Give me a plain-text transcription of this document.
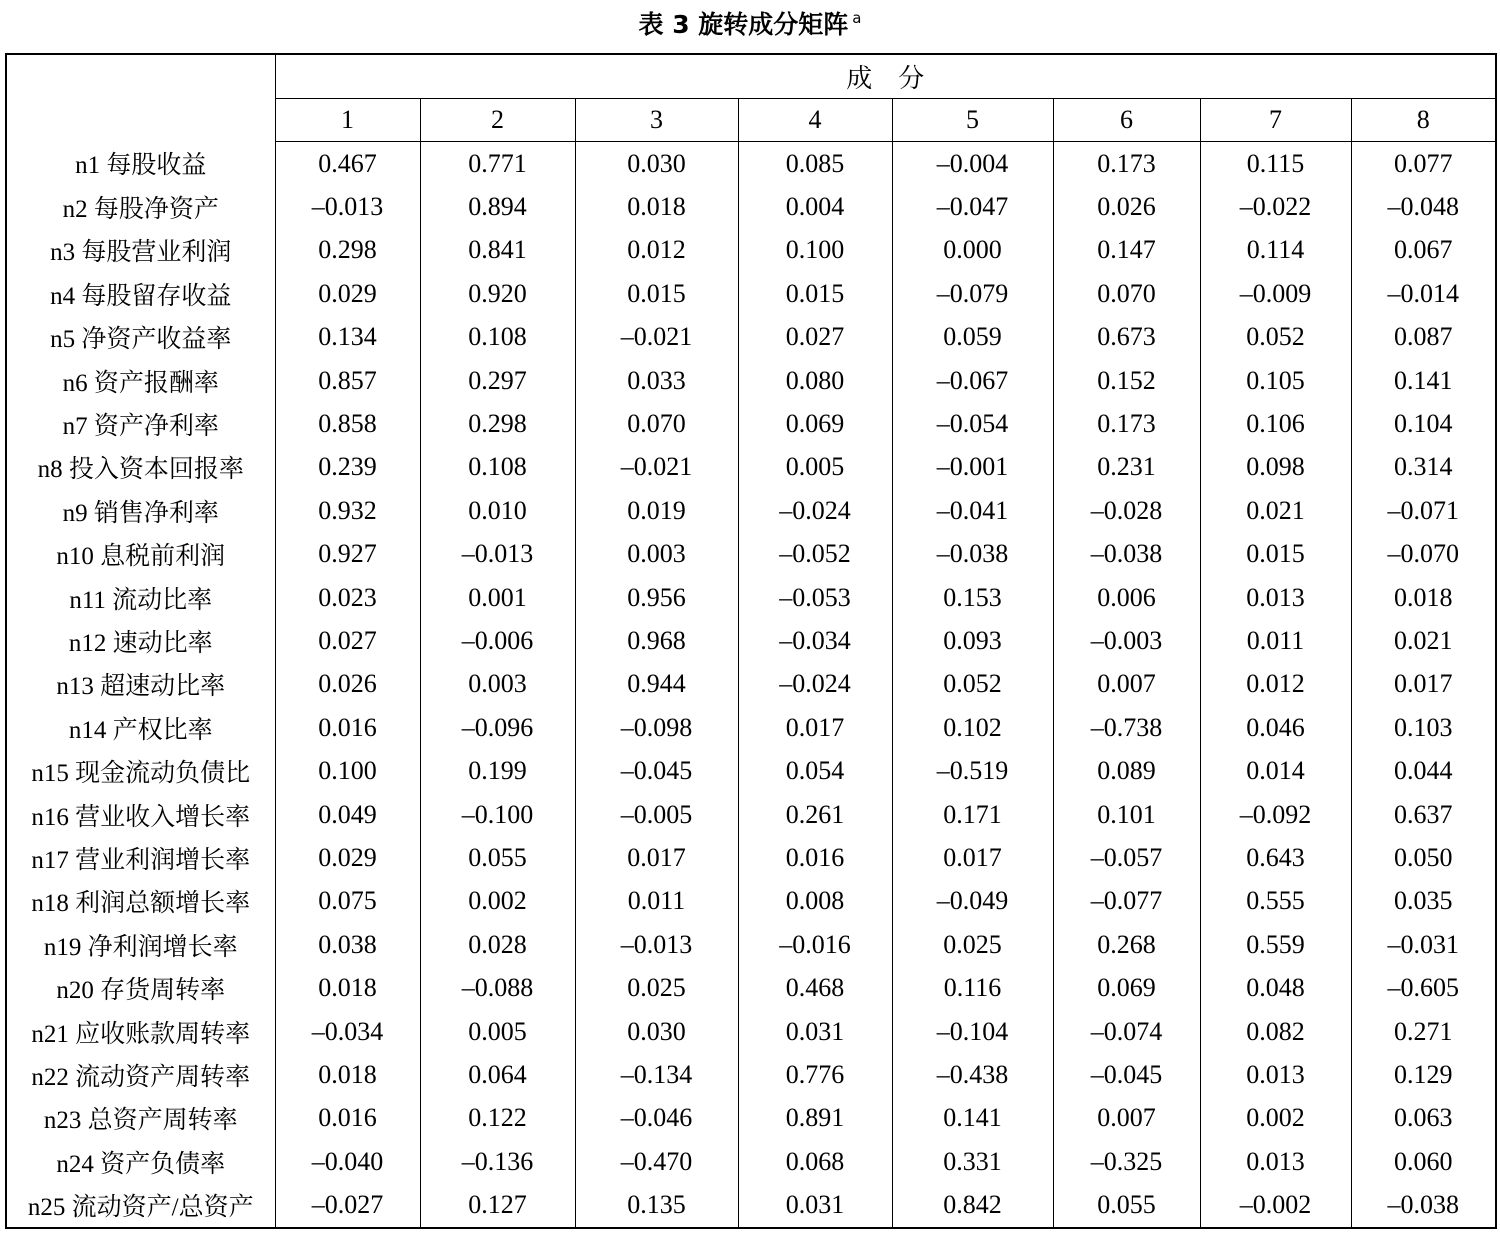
表 3 旋转成分矩阵 $^a$
	成　分							
	1	2	3	4	5	6	7	8
n1 每股收益	0.467	0.771	0.030	0.085	–0.004	0.173	0.115	0.077
n2 每股净资产	–0.013	0.894	0.018	0.004	–0.047	0.026	–0.022	–0.048
n3 每股营业利润	0.298	0.841	0.012	0.100	0.000	0.147	0.114	0.067
n4 每股留存收益	0.029	0.920	0.015	0.015	–0.079	0.070	–0.009	–0.014
n5 净资产收益率	0.134	0.108	–0.021	0.027	0.059	0.673	0.052	0.087
n6 资产报酬率	0.857	0.297	0.033	0.080	–0.067	0.152	0.105	0.141
n7 资产净利率	0.858	0.298	0.070	0.069	–0.054	0.173	0.106	0.104
n8 投入资本回报率	0.239	0.108	–0.021	0.005	–0.001	0.231	0.098	0.314
n9 销售净利率	0.932	0.010	0.019	–0.024	–0.041	–0.028	0.021	–0.071
n10 息税前利润	0.927	–0.013	0.003	–0.052	–0.038	–0.038	0.015	–0.070
n11 流动比率	0.023	0.001	0.956	–0.053	0.153	0.006	0.013	0.018
n12 速动比率	0.027	–0.006	0.968	–0.034	0.093	–0.003	0.011	0.021
n13 超速动比率	0.026	0.003	0.944	–0.024	0.052	0.007	0.012	0.017
n14 产权比率	0.016	–0.096	–0.098	0.017	0.102	–0.738	0.046	0.103
n15 现金流动负债比	0.100	0.199	–0.045	0.054	–0.519	0.089	0.014	0.044
n16 营业收入增长率	0.049	–0.100	–0.005	0.261	0.171	0.101	–0.092	0.637
n17 营业利润增长率	0.029	0.055	0.017	0.016	0.017	–0.057	0.643	0.050
n18 利润总额增长率	0.075	0.002	0.011	0.008	–0.049	–0.077	0.555	0.035
n19 净利润增长率	0.038	0.028	–0.013	–0.016	0.025	0.268	0.559	–0.031
n20 存货周转率	0.018	–0.088	0.025	0.468	0.116	0.069	0.048	–0.605
n21 应收账款周转率	–0.034	0.005	0.030	0.031	–0.104	–0.074	0.082	0.271
n22 流动资产周转率	0.018	0.064	–0.134	0.776	–0.438	–0.045	0.013	0.129
n23 总资产周转率	0.016	0.122	–0.046	0.891	0.141	0.007	0.002	0.063
n24 资产负债率	–0.040	–0.136	–0.470	0.068	0.331	–0.325	0.013	0.060
n25 流动资产/总资产	–0.027	0.127	0.135	0.031	0.842	0.055	–0.002	–0.038
